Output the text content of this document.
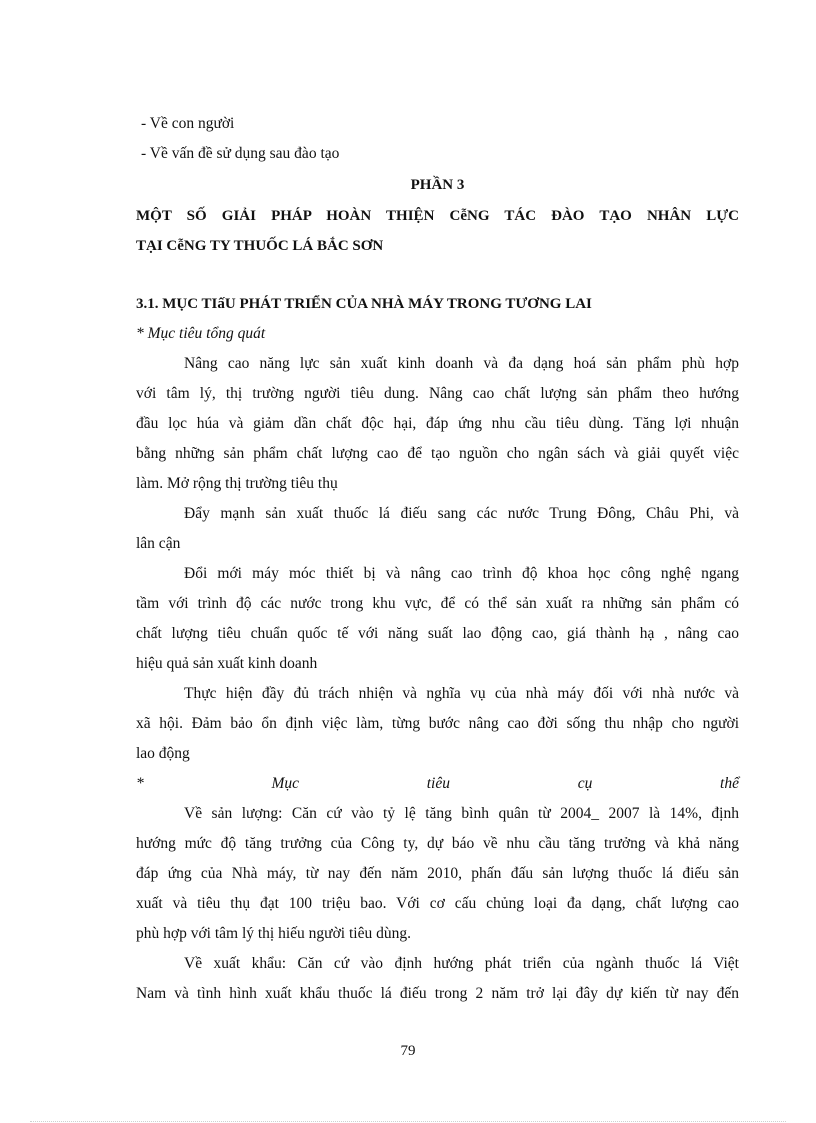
- Về con người
- Về vấn đề sử dụng sau đào tạo
PHẦN 3
MỘT SỐ GIẢI PHÁP HOÀN THIỆN CễNG TÁC ĐÀO TẠO NHÂN LỰC
TẠI CễNG TY THUỐC LÁ BẮC SƠN
3.1. MỤC TIấU PHÁT TRIỂN CỦA NHÀ MÁY TRONG TƯƠNG LAI
* Mục tiêu tổng quát
Nâng cao năng lực sản xuất kinh doanh và đa dạng hoá sản phẩm phù hợp
với tâm lý, thị trường người tiêu dung. Nâng cao chất lượng sản phẩm theo hướng
đầu lọc húa và giảm dần chất độc hại, đáp ứng nhu cầu tiêu dùng. Tăng lợi nhuận
bằng những sản phẩm chất lượng cao để tạo nguồn cho ngân sách và giải quyết việc
làm. Mở rộng thị trường tiêu thụ
Đẩy mạnh sản xuất thuốc lá điếu sang các nước Trung Đông, Châu Phi, và
lân cận
Đổi mới máy móc thiết bị và nâng cao trình độ khoa học công nghệ ngang
tầm với trình độ các nước trong khu vực, để có thể sản xuất ra những sản phẩm có
chất lượng tiêu chuẩn quốc tế với năng suất lao động cao, giá thành hạ , nâng cao
hiệu quả sản xuất kinh doanh
Thực hiện đầy đủ trách nhiện và nghĩa vụ của nhà máy đối với nhà nước và
xã hội. Đảm bảo ổn định việc làm, từng bước nâng cao đời sống thu nhập cho người
lao động
* Mục tiêu cụ thể
Về sản lượng: Căn cứ vào tỷ lệ tăng bình quân từ 2004_ 2007 là 14%, định
hướng mức độ tăng trưởng của Công ty, dự báo về nhu cầu tăng trưởng và khả năng
đáp ứng của Nhà máy, từ nay đến năm 2010, phấn đấu sản lượng thuốc lá điếu sản
xuất và tiêu thụ đạt 100 triệu bao. Với cơ cấu chủng loại đa dạng, chất lượng cao
phù hợp với tâm lý thị hiếu người tiêu dùng.
Về xuất khẩu: Căn cứ vào định hướng phát triển của ngành thuốc lá Việt
Nam và tình hình xuất khẩu thuốc lá điếu trong 2 năm trở lại đây dự kiến từ nay đến
79
